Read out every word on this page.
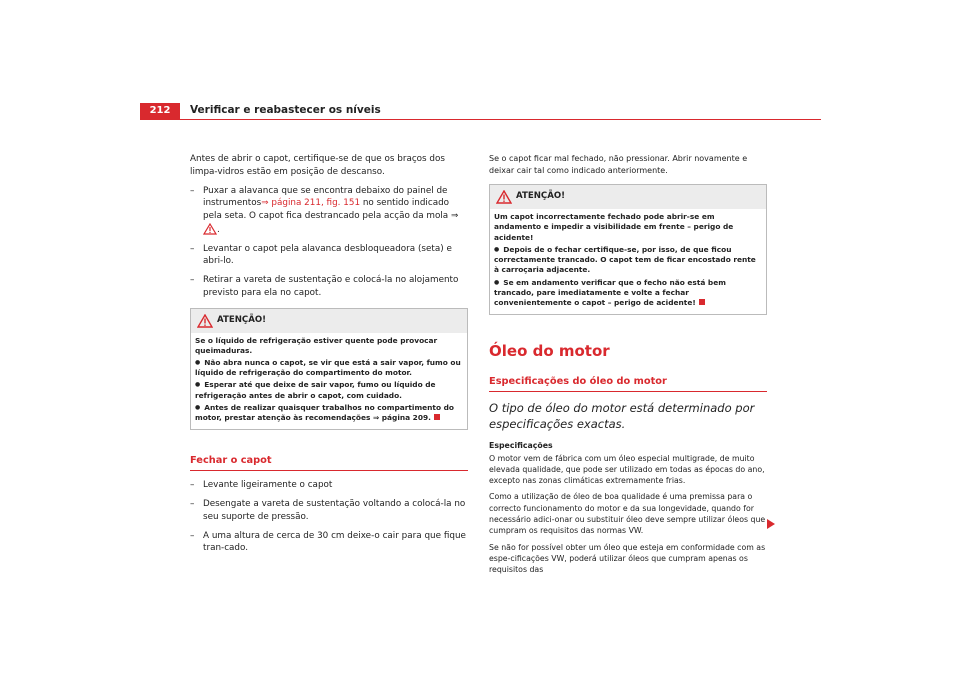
212	Verificar e reabastecer os níveis

Antes de abrir o capot, certifique-se de que os braços dos limpa-vidros estão em posição de descanso.

– Puxar a alavanca que se encontra debaixo do painel de instrumentos⇒ página 211, fig. 151 no sentido indicado pela seta. O capot fica destrancado pela acção da mola ⇒ .
– Levantar o capot pela alavanca desbloqueadora (seta) e abri-lo.
– Retirar a vareta de sustentação e colocá-la no alojamento previsto para ela no capot.
ATENÇÃO!

Se o líquido de refrigeração estiver quente pode provocar queimaduras.

● Não abra nunca o capot, se vir que está a sair vapor, fumo ou líquido de refrigeração do compartimento do motor.

● Esperar até que deixe de sair vapor, fumo ou líquido de refrigeração antes de abrir o capot, com cuidado.

● Antes de realizar quaisquer trabalhos no compartimento do motor, prestar atenção às recomendações ⇒ página 209.

Fechar o capot
– Levante ligeiramente o capot
– Desengate a vareta de sustentação voltando a colocá-la no seu suporte de pressão.
– A uma altura de cerca de 30 cm deixe-o cair para que fique tran-cado.

Se o capot ficar mal fechado, não pressionar. Abrir novamente e deixar cair tal como indicado anteriormente.

ATENÇÃO!

Um capot incorrectamente fechado pode abrir-se em andamento e impedir a visibilidade em frente – perigo de acidente!

● Depois de o fechar certifique-se, por isso, de que ficou correctamente trancado. O capot tem de ficar encostado rente à carroçaria adjacente.

● Se em andamento verificar que o fecho não está bem trancado, pare imediatamente e volte a fechar convenientemente o capot – perigo de acidente!

Óleo do motor
Especificações do óleo do motor
O tipo de óleo do motor está determinado por especificações exactas.

Especificações

O motor vem de fábrica com um óleo especial multigrade, de muito elevada qualidade, que pode ser utilizado em todas as épocas do ano, excepto nas zonas climáticas extremamente frias.

Como a utilização de óleo de boa qualidade é uma premissa para o correcto funcionamento do motor e da sua longevidade, quando for necessário adici-onar ou substituir óleo deve sempre utilizar óleos que cumpram os requisitos das normas VW.

Se não for possível obter um óleo que esteja em conformidade com as espe-cificações VW, poderá utilizar óleos que cumpram apenas os requisitos das
